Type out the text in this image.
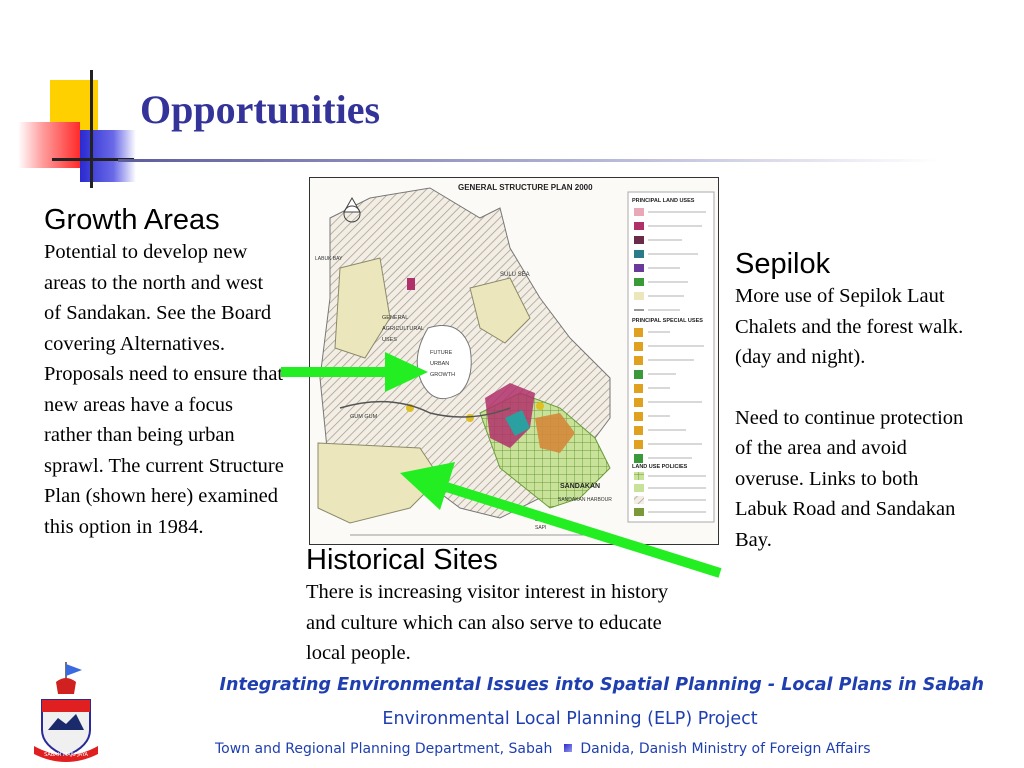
Opportunities
Growth Areas
Potential to develop new areas to the north and west of Sandakan. See the Board covering Alternatives. Proposals need to ensure that new areas have a focus rather than being urban sprawl. The current Structure Plan (shown here) examined this option in 1984.
GENERAL STRUCTURE PLAN 2000
LABUK BAY
SULU SEA
GENERAL
AGRICULTURAL
USES
FUTURE
URBAN
GROWTH
GUM GUM
SANDAKAN
SANDAKAN HARBOUR
SAPI
PRINCIPAL LAND USES
PRINCIPAL SPECIAL USES
LAND USE POLICIES
Sepilok
More use of Sepilok Laut Chalets and the forest walk.(day and night).
Need to continue protection of the area and avoid overuse. Links to both Labuk Road and Sandakan Bay.
Historical Sites
There is increasing visitor interest in history and culture which can also serve to educate local people.
SABAH MAJU JAYA
Integrating Environmental Issues into Spatial Planning - Local Plans in Sabah
Environmental Local Planning (ELP) Project
Town and Regional Planning Department, Sabah Danida, Danish Ministry of Foreign Affairs
